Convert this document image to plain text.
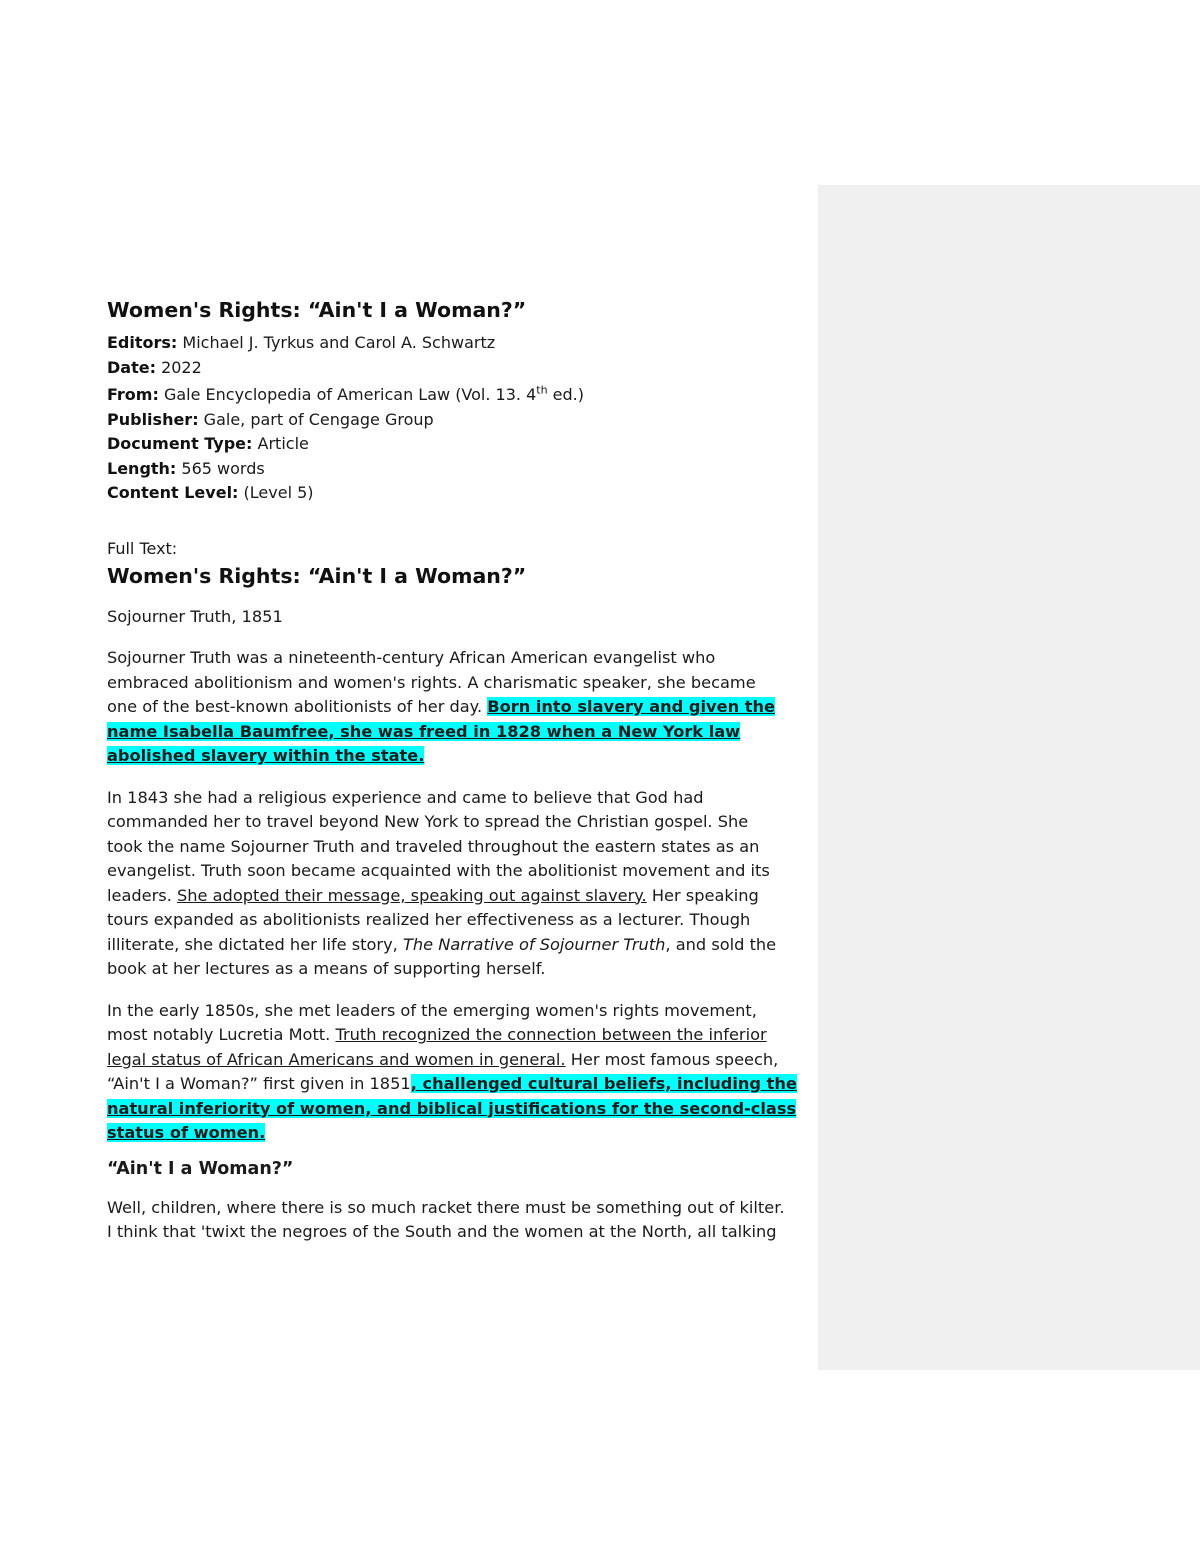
Women's Rights: “Ain't I a Woman?”

Editors: Michael J. Tyrkus and Carol A. Schwartz

Date: 2022

From: Gale Encyclopedia of American Law (Vol. 13. 4th ed.)

Publisher: Gale, part of Cengage Group

Document Type: Article

Length: 565 words

Content Level: (Level 5)

Full Text:

Women's Rights: “Ain't I a Woman?”

Sojourner Truth, 1851

Sojourner Truth was a nineteenth-century African American evangelist who

embraced abolitionism and women's rights. A charismatic speaker, she became

one of the best-known abolitionists of her day. Born into slavery and given the

name Isabella Baumfree, she was freed in 1828 when a New York law

abolished slavery within the state.

In 1843 she had a religious experience and came to believe that God had

commanded her to travel beyond New York to spread the Christian gospel. She

took the name Sojourner Truth and traveled throughout the eastern states as an

evangelist. Truth soon became acquainted with the abolitionist movement and its

leaders. She adopted their message, speaking out against slavery. Her speaking

tours expanded as abolitionists realized her effectiveness as a lecturer. Though

illiterate, she dictated her life story, The Narrative of Sojourner Truth, and sold the

book at her lectures as a means of supporting herself.

In the early 1850s, she met leaders of the emerging women's rights movement,

most notably Lucretia Mott. Truth recognized the connection between the inferior

legal status of African Americans and women in general. Her most famous speech,

“Ain't I a Woman?” first given in 1851, challenged cultural beliefs, including the

natural inferiority of women, and biblical justifications for the second-class

status of women.

“Ain't I a Woman?”

Well, children, where there is so much racket there must be something out of kilter.

I think that 'twixt the negroes of the South and the women at the North, all talking
